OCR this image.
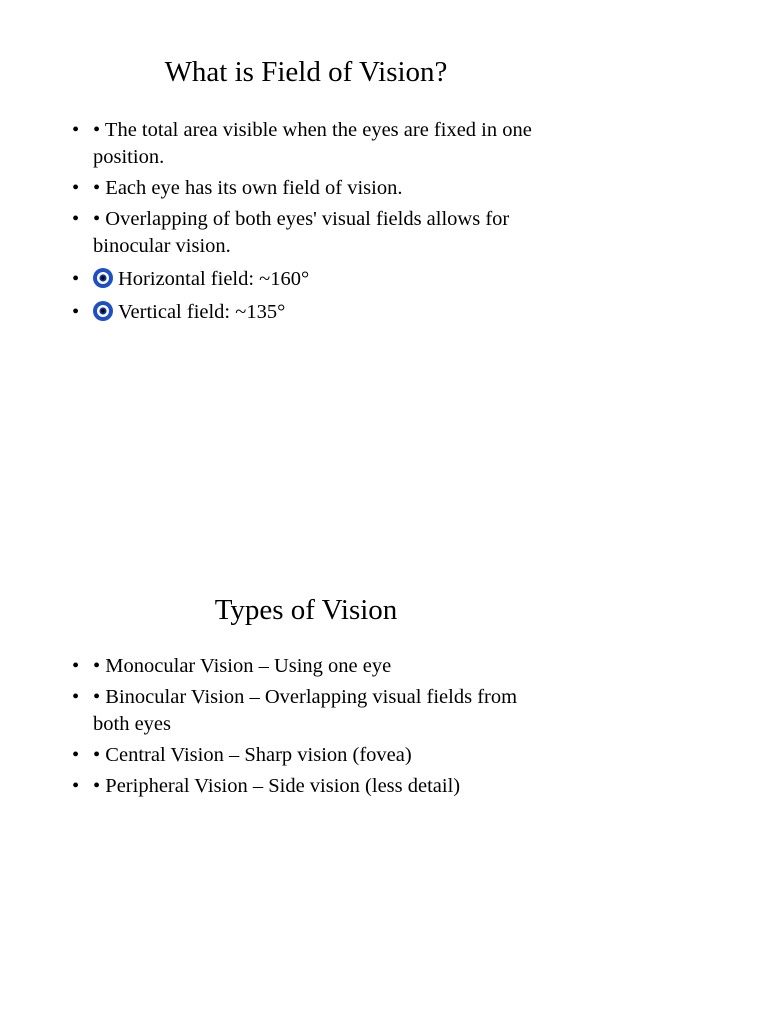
What is Field of Vision?
• • The total area visible when the eyes are fixed in one position.
• • Each eye has its own field of vision.
• • Overlapping of both eyes' visual fields allows for binocular vision.
• Horizontal field: ~160°
• Vertical field: ~135°
Types of Vision
• • Monocular Vision – Using one eye
• • Binocular Vision – Overlapping visual fields from both eyes
• • Central Vision – Sharp vision (fovea)
• • Peripheral Vision – Side vision (less detail)
